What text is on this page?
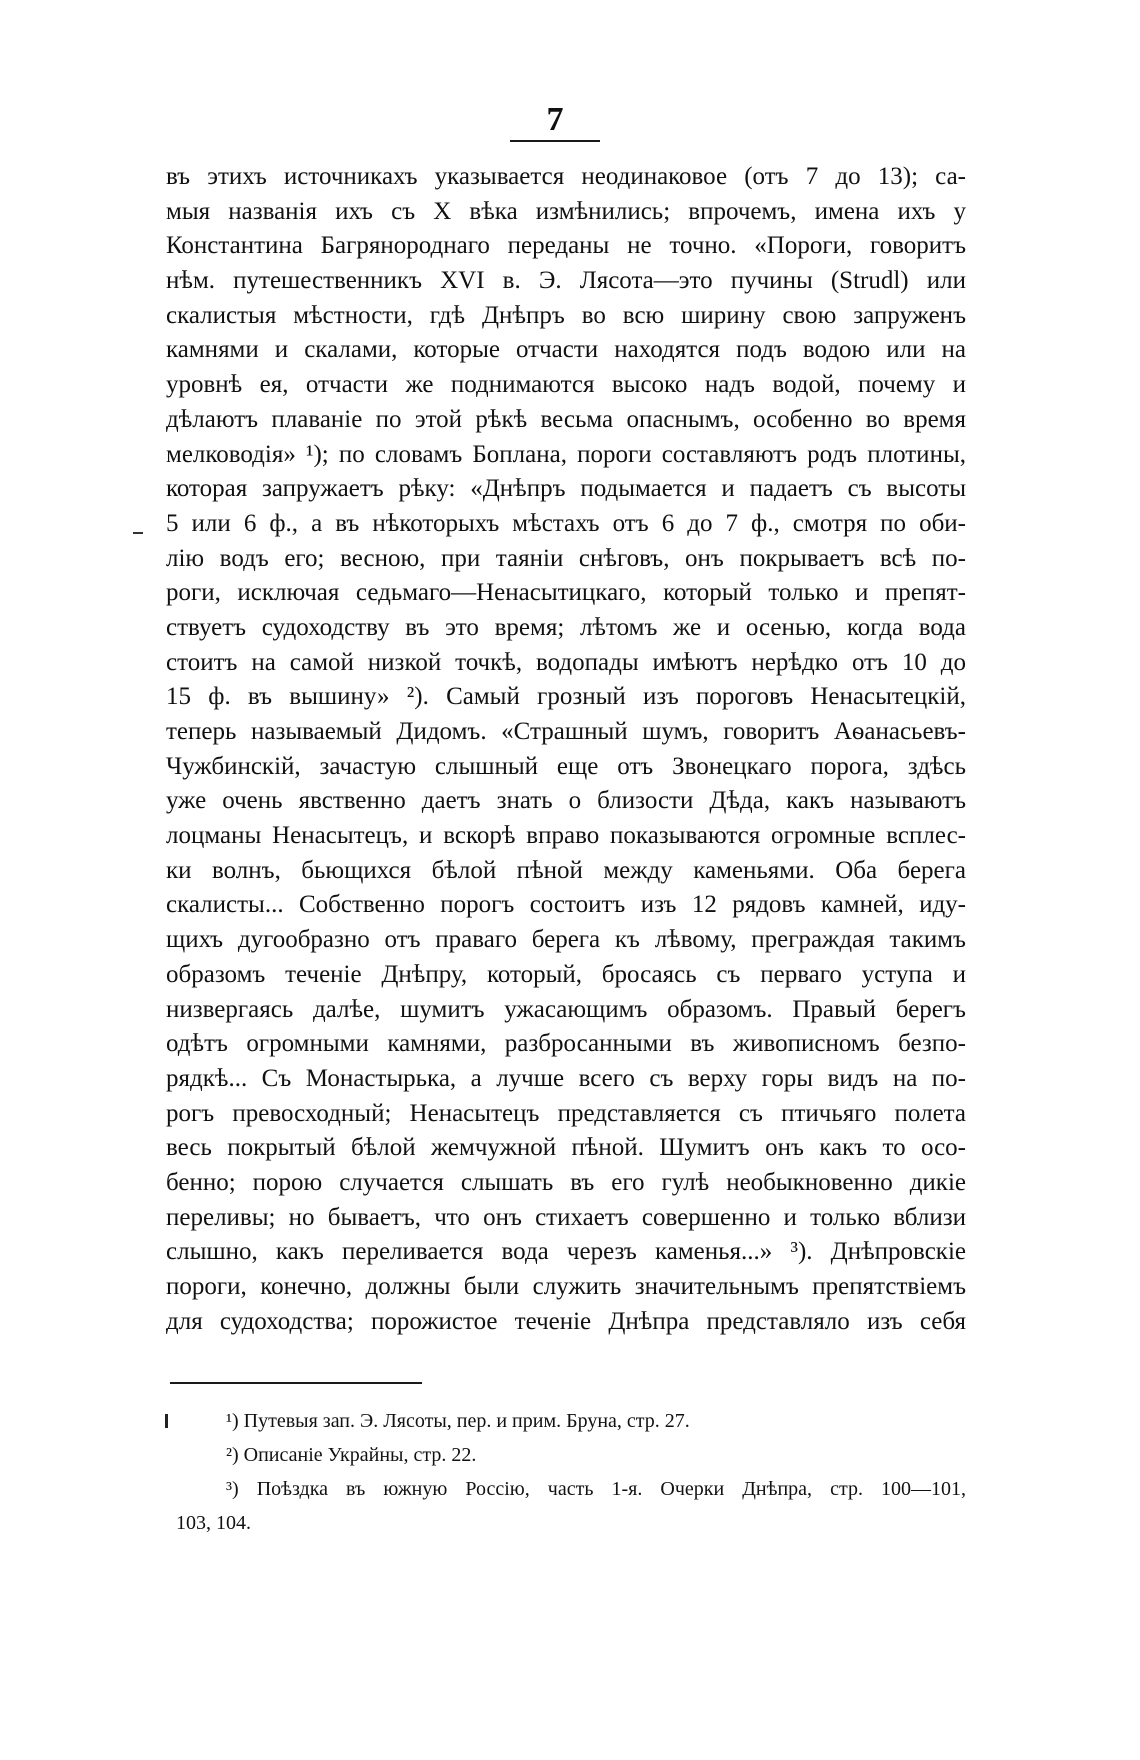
7
въ этихъ источникахъ указывается неодинаковое (отъ 7 до 13); са-
мыя названія ихъ съ X вѣка измѣнились; впрочемъ, имена ихъ у
Константина Багрянороднаго переданы не точно. «Пороги, говоритъ
нѣм. путешественникъ XVI в. Э. Лясота—это пучины (Strudl) или
скалистыя мѣстности, гдѣ Днѣпръ во всю ширину свою запруженъ
камнями и скалами, которые отчасти находятся подъ водою или на
уровнѣ ея, отчасти же поднимаются высоко надъ водой, почему и
дѣлаютъ плаваніе по этой рѣкѣ весьма опаснымъ, особенно во время
мелководія» ¹); по словамъ Боплана, пороги составляютъ родъ плотины,
которая запружаетъ рѣку: «Днѣпръ подымается и падаетъ съ высоты
5 или 6 ф., а въ нѣкоторыхъ мѣстахъ отъ 6 до 7 ф., смотря по оби-
лію водъ его; весною, при таяніи снѣговъ, онъ покрываетъ всѣ по-
роги, исключая седьмаго—Ненасытицкаго, который только и препят-
ствуетъ судоходству въ это время; лѣтомъ же и осенью, когда вода
стоитъ на самой низкой точкѣ, водопады имѣютъ нерѣдко отъ 10 до
15 ф. въ вышину» ²). Самый грозный изъ пороговъ Ненасытецкій,
теперь называемый Дидомъ. «Страшный шумъ, говоритъ Аѳанасьевъ-
Чужбинскій, зачастую слышный еще отъ Звонецкаго порога, здѣсь
уже очень явственно даетъ знать о близости Дѣда, какъ называютъ
лоцманы Ненасытецъ, и вскорѣ вправо показываются огромные всплес-
ки волнъ, бьющихся бѣлой пѣной между каменьями. Оба берега
скалисты... Собственно порогъ состоитъ изъ 12 рядовъ камней, иду-
щихъ дугообразно отъ праваго берега къ лѣвому, преграждая такимъ
образомъ теченіе Днѣпру, который, бросаясь съ перваго уступа и
низвергаясь далѣе, шумитъ ужасающимъ образомъ. Правый берегъ
одѣтъ огромными камнями, разбросанными въ живописномъ безпо-
рядкѣ... Съ Монастырька, а лучше всего съ верху горы видъ на по-
рогъ превосходный; Ненасытецъ представляется съ птичьяго полета
весь покрытый бѣлой жемчужной пѣной. Шумитъ онъ какъ то осо-
бенно; порою случается слышать въ его гулѣ необыкновенно дикіе
переливы; но бываетъ, что онъ стихаетъ совершенно и только вблизи
слышно, какъ переливается вода черезъ каменья...» ³). Днѣпровскіе
пороги, конечно, должны были служить значительнымъ препятствіемъ
для судоходства; порожистое теченіе Днѣпра представляло изъ себя
¹) Путевыя зап. Э. Лясоты, пер. и прим. Бруна, стр. 27.
²) Описаніе Украйны, стр. 22.
³) Поѣздка въ южную Россію, часть 1-я. Очерки Днѣпра, стр. 100—101,
103, 104.
